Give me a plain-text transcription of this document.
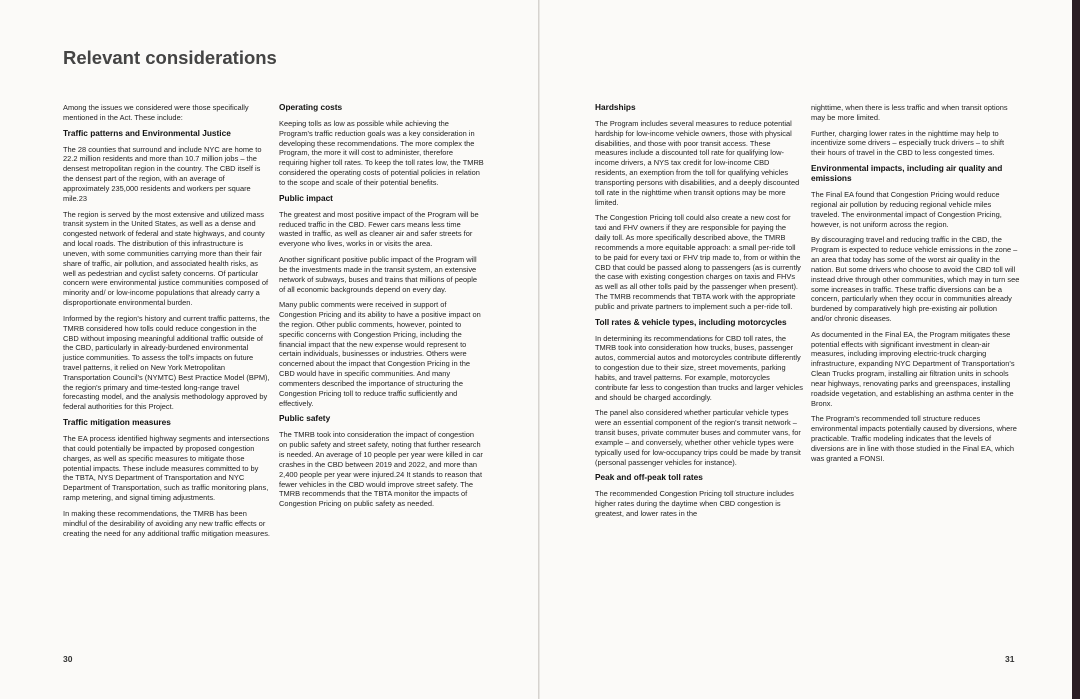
Relevant considerations

Among the issues we considered were those specifically mentioned in the Act. These include:

Traffic patterns and Environmental Justice

The 28 counties that surround and include NYC are home to 22.2 million residents and more than 10.7 million jobs – the densest metropolitan region in the country. The CBD itself is the densest part of the region, with an average of approximately 235,000 residents and workers per square mile.23

The region is served by the most extensive and utilized mass transit system in the United States, as well as a dense and congested network of federal and state highways, and county and local roads. The distribution of this infrastructure is uneven, with some communities carrying more than their fair share of traffic, air pollution, and associated health risks, as well as pedestrian and cyclist safety concerns. Of particular concern were environmental justice communities composed of minority and/ or low-income populations that already carry a disproportionate environmental burden.

Informed by the region's history and current traffic patterns, the TMRB considered how tolls could reduce congestion in the CBD without imposing meaningful additional traffic outside of the CBD, particularly in already-burdened environmental justice communities. To assess the toll's impacts on future travel patterns, it relied on New York Metropolitan Transportation Council's (NYMTC) Best Practice Model (BPM), the region's primary and time-tested long-range travel forecasting model, and the analysis methodology approved by federal authorities for this Project.

Traffic mitigation measures

The EA process identified highway segments and intersections that could potentially be impacted by proposed congestion charges, as well as specific measures to mitigate those potential impacts. These include measures committed to by the TBTA, NYS Department of Transportation and NYC Department of Transportation, such as traffic monitoring plans, ramp metering, and signal timing adjustments.

In making these recommendations, the TMRB has been mindful of the desirability of avoiding any new traffic effects or creating the need for any additional traffic mitigation measures.

Operating costs

Keeping tolls as low as possible while achieving the Program's traffic reduction goals was a key consideration in developing these recommendations. The more complex the Program, the more it will cost to administer, therefore requiring higher toll rates. To keep the toll rates low, the TMRB considered the operating costs of potential policies in relation to the scope and scale of their potential benefits.

Public impact

The greatest and most positive impact of the Program will be reduced traffic in the CBD. Fewer cars means less time wasted in traffic, as well as cleaner air and safer streets for everyone who lives, works in or visits the area.

Another significant positive public impact of the Program will be the investments made in the transit system, an extensive network of subways, buses and trains that millions of people of all economic backgrounds depend on every day.

Many public comments were received in support of Congestion Pricing and its ability to have a positive impact on the region. Other public comments, however, pointed to specific concerns with Congestion Pricing, including the financial impact that the new expense would represent to certain individuals, businesses or industries. Others were concerned about the impact that Congestion Pricing in the CBD would have in specific communities. And many commenters described the importance of structuring the Congestion Pricing toll to reduce traffic sufficiently and effectively.

Public safety

The TMRB took into consideration the impact of congestion on public safety and street safety, noting that further research is needed. An average of 10 people per year were killed in car crashes in the CBD between 2019 and 2022, and more than 2,400 people per year were injured.24 It stands to reason that fewer vehicles in the CBD would improve street safety. The TMRB recommends that the TBTA monitor the impacts of Congestion Pricing on public safety as needed.

30
Hardships

The Program includes several measures to reduce potential hardship for low-income vehicle owners, those with physical disabilities, and those with poor transit access. These measures include a discounted toll rate for qualifying low-income drivers, a NYS tax credit for low-income CBD residents, an exemption from the toll for qualifying vehicles transporting persons with disabilities, and a deeply discounted toll rate in the nighttime when transit options may be more limited.

The Congestion Pricing toll could also create a new cost for taxi and FHV owners if they are responsible for paying the daily toll. As more specifically described above, the TMRB recommends a more equitable approach: a small per-ride toll to be paid for every taxi or FHV trip made to, from or within the CBD that could be passed along to passengers (as is currently the case with existing congestion charges on taxis and FHVs as well as all other tolls paid by the passenger when present). The TMRB recommends that TBTA work with the appropriate public and private partners to implement such a per-ride toll.

Toll rates & vehicle types, including motorcycles

In determining its recommendations for CBD toll rates, the TMRB took into consideration how trucks, buses, passenger autos, commercial autos and motorcycles contribute differently to congestion due to their size, street movements, parking habits, and travel patterns. For example, motorcycles contribute far less to congestion than trucks and larger vehicles and should be charged accordingly.

The panel also considered whether particular vehicle types were an essential component of the region's transit network – transit buses, private commuter buses and commuter vans, for example – and conversely, whether other vehicle types were typically used for low-occupancy trips could be made by transit (personal passenger vehicles for instance).

Peak and off-peak toll rates

The recommended Congestion Pricing toll structure includes higher rates during the daytime when CBD congestion is greatest, and lower rates in the

nighttime, when there is less traffic and when transit options may be more limited.

Further, charging lower rates in the nighttime may help to incentivize some drivers – especially truck drivers – to shift their hours of travel in the CBD to less congested times.

Environmental impacts, including air quality and emissions

The Final EA found that Congestion Pricing would reduce regional air pollution by reducing regional vehicle miles traveled. The environmental impact of Congestion Pricing, however, is not uniform across the region.

By discouraging travel and reducing traffic in the CBD, the Program is expected to reduce vehicle emissions in the zone – an area that today has some of the worst air quality in the nation. But some drivers who choose to avoid the CBD toll will instead drive through other communities, which may in turn see some increases in traffic. These traffic diversions can be a concern, particularly when they occur in communities already burdened by comparatively high pre-existing air pollution and/or chronic diseases.

As documented in the Final EA, the Program mitigates these potential effects with significant investment in clean-air measures, including improving electric-truck charging infrastructure, expanding NYC Department of Transportation's Clean Trucks program, installing air filtration units in schools near highways, renovating parks and greenspaces, installing roadside vegetation, and establishing an asthma center in the Bronx.

The Program's recommended toll structure reduces environmental impacts potentially caused by diversions, where practicable. Traffic modeling indicates that the levels of diversions are in line with those studied in the Final EA, which was granted a FONSI.

31
